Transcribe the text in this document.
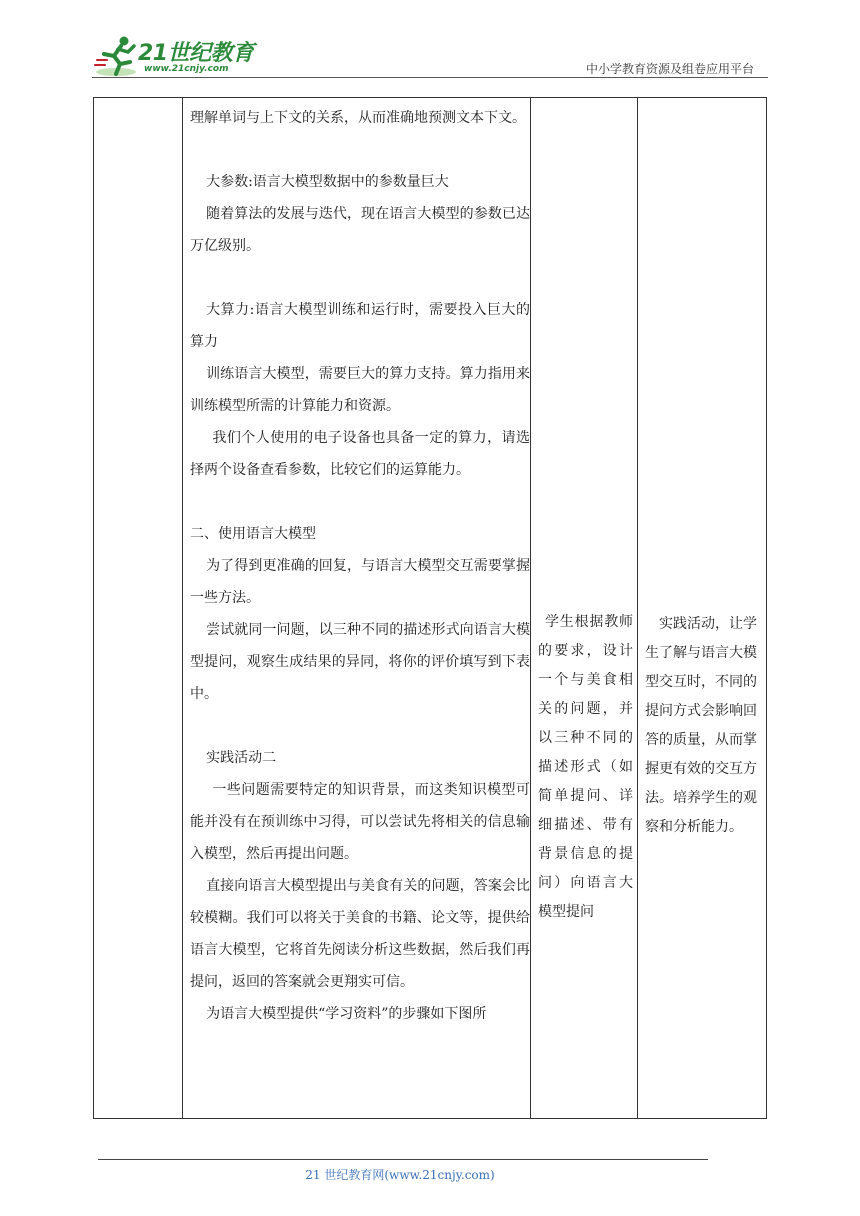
21世纪教育
www.21cnjy.com	中小学教育资源及组卷应用平台

理解单词与上下文的关系，从而准确地预测文本下文。

大参数:语言大模型数据中的参数量巨大

随着算法的发展与迭代，现在语言大模型的参数已达万亿级别。

大算力:语言大模型训练和运行时，需要投入巨大的算力

训练语言大模型，需要巨大的算力支持。算力指用来训练模型所需的计算能力和资源。

我们个人使用的电子设备也具备一定的算力，请选择两个设备查看参数，比较它们的运算能力。

二、使用语言大模型

为了得到更准确的回复，与语言大模型交互需要掌握一些方法。

尝试就同一问题，以三种不同的描述形式向语言大模型提问，观察生成结果的异同，将你的评价填写到下表中。

实践活动二

一些问题需要特定的知识背景，而这类知识模型可能并没有在预训练中习得，可以尝试先将相关的信息输入模型，然后再提出问题。

直接向语言大模型提出与美食有关的问题，答案会比较模糊。我们可以将关于美食的书籍、论文等，提供给语言大模型，它将首先阅读分析这些数据，然后我们再提问，返回的答案就会更翔实可信。

为语言大模型提供“学习资料”的步骤如下图所

学生根据教师的要求，设计一个与美食相关的问题，并以三种不同的描述形式（如简单提问、详细描述、带有背景信息的提问）向语言大模型提问

实践活动，让学生了解与语言大模型交互时，不同的提问方式会影响回答的质量，从而掌握更有效的交互方法。培养学生的观察和分析能力。

21 世纪教育网(www.21cnjy.com)
